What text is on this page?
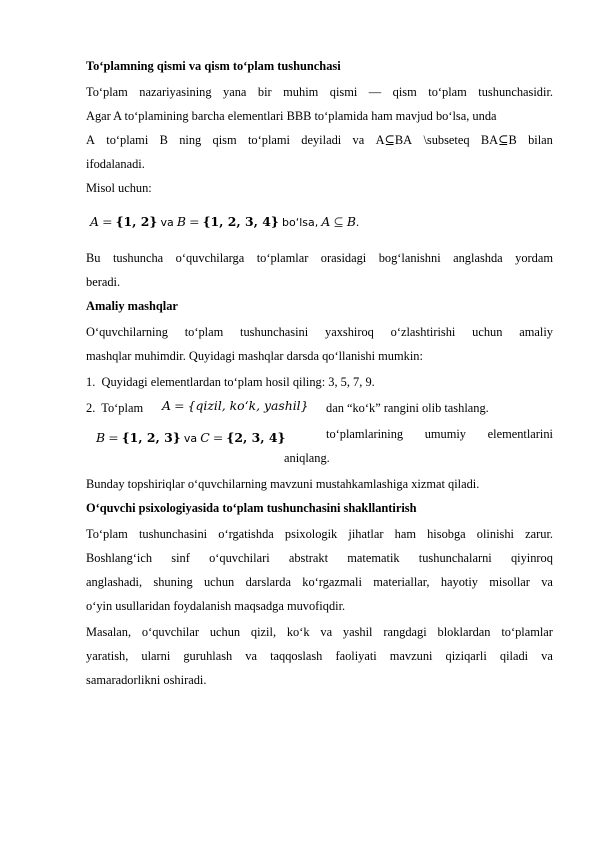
To‘plamning qismi va qism to‘plam tushunchasi
To‘plam nazariyasining yana bir muhim qismi — qism to‘plam tushunchasidir.
Agar A to‘plamining barcha elementlari BBB to‘plamida ham mavjud bo‘lsa, unda
A to‘plami B ning qism to‘plami deyiladi va A⊆BA \subseteq BA⊆B bilan
ifodalanadi.
Misol uchun:
A = {1, 2} va B = {1, 2, 3, 4} bo‘lsa, A ⊆ B.
Bu tushuncha o‘quvchilarga to‘plamlar orasidagi bog‘lanishni anglashda yordam
beradi.
Amaliy mashqlar
O‘quvchilarning to‘plam tushunchasini yaxshiroq o‘zlashtirishi uchun amaliy
mashqlar muhimdir. Quyidagi mashqlar darsda qo‘llanishi mumkin:
1. Quyidagi elementlardan to‘plam hosil qiling: 3, 5, 7, 9.
2. To‘plam A = {qizil, ko‘k, yashil} dan “ko‘k” rangini olib tashlang.
B = {1, 2, 3} va C = {2, 3, 4}	to‘plamlarining umumiy elementlarini
aniqlang.
Bunday topshiriqlar o‘quvchilarning mavzuni mustahkamlashiga xizmat qiladi.
O‘quvchi psixologiyasida to‘plam tushunchasini shakllantirish
To‘plam tushunchasini o‘rgatishda psixologik jihatlar ham hisobga olinishi zarur.
Boshlang‘ich sinf o‘quvchilari abstrakt matematik tushunchalarni qiyinroq
anglashadi, shuning uchun darslarda ko‘rgazmali materiallar, hayotiy misollar va
o‘yin usullaridan foydalanish maqsadga muvofiqdir.
Masalan, o‘quvchilar uchun qizil, ko‘k va yashil rangdagi bloklardan to‘plamlar
yaratish, ularni guruhlash va taqqoslash faoliyati mavzuni qiziqarli qiladi va
samaradorlikni oshiradi.
